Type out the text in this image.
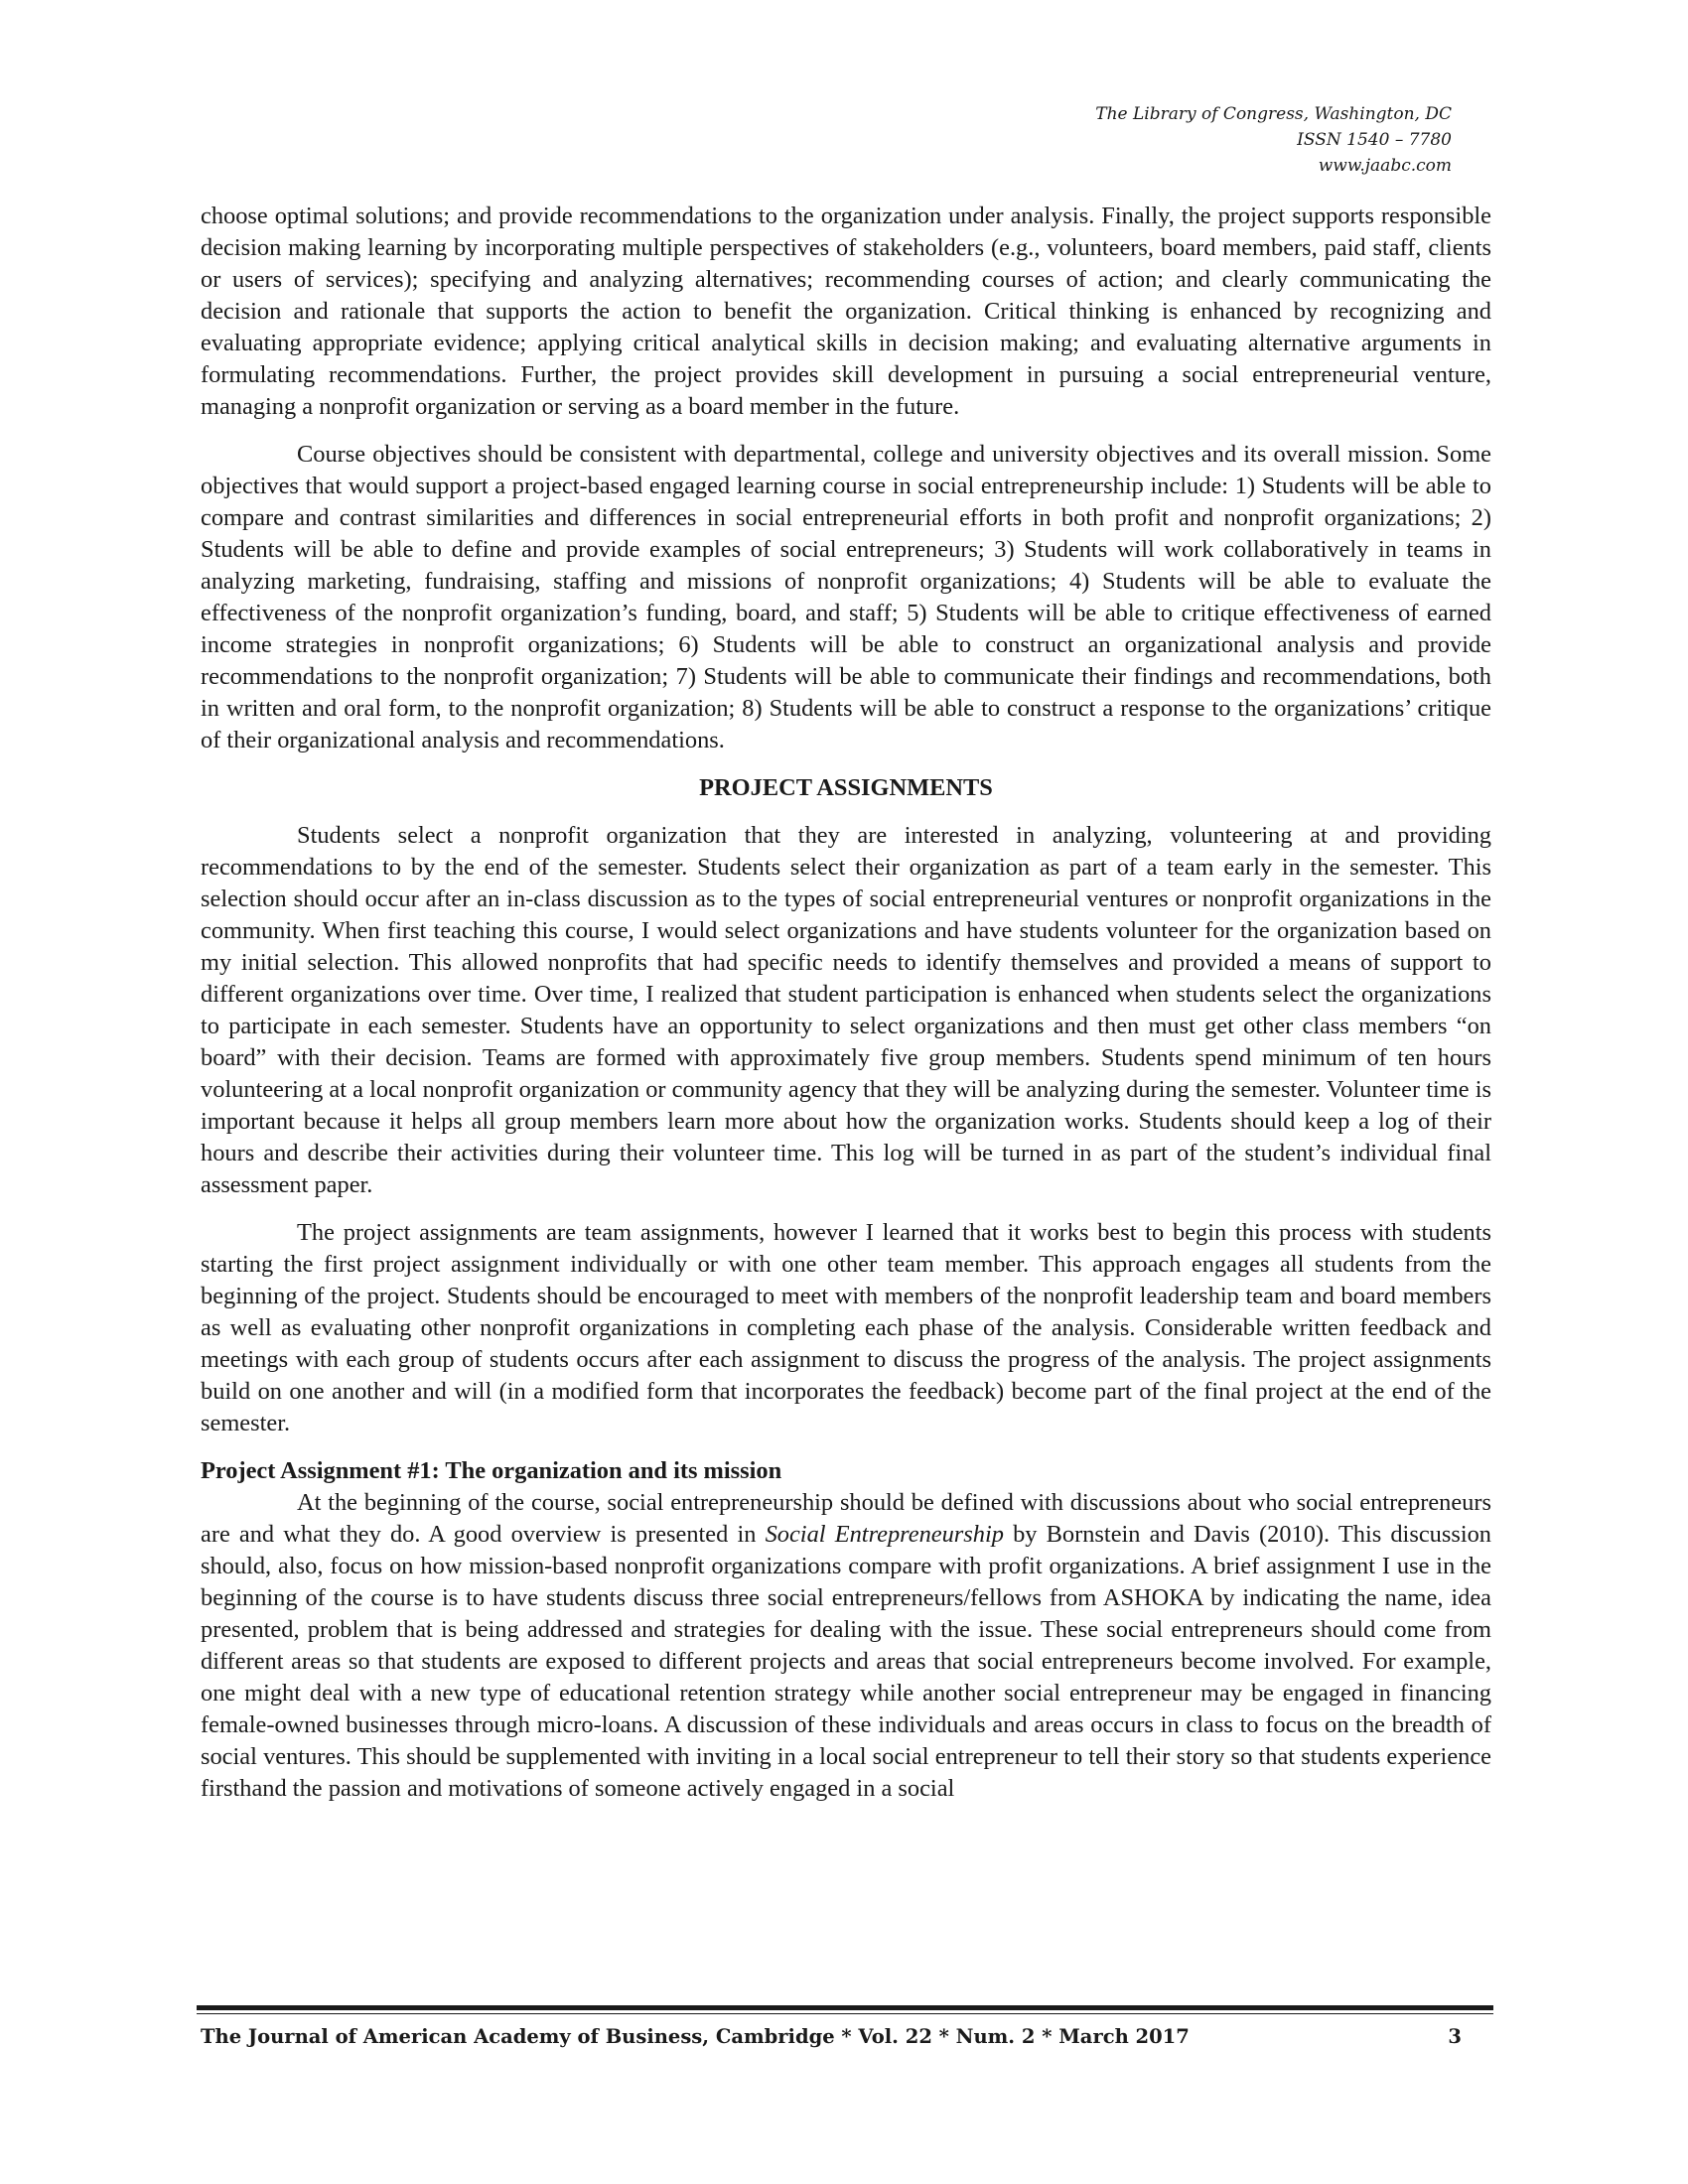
The Library of Congress, Washington, DC
ISSN 1540 – 7780
www.jaabc.com

choose optimal solutions; and provide recommendations to the organization under analysis. Finally, the project supports responsible decision making learning by incorporating multiple perspectives of stakeholders (e.g., volunteers, board members, paid staff, clients or users of services); specifying and analyzing alternatives; recommending courses of action; and clearly communicating the decision and rationale that supports the action to benefit the organization. Critical thinking is enhanced by recognizing and evaluating appropriate evidence; applying critical analytical skills in decision making; and evaluating alternative arguments in formulating recommendations. Further, the project provides skill development in pursuing a social entrepreneurial venture, managing a nonprofit organization or serving as a board member in the future.

Course objectives should be consistent with departmental, college and university objectives and its overall mission. Some objectives that would support a project-based engaged learning course in social entrepreneurship include: 1) Students will be able to compare and contrast similarities and differences in social entrepreneurial efforts in both profit and nonprofit organizations; 2) Students will be able to define and provide examples of social entrepreneurs; 3) Students will work collaboratively in teams in analyzing marketing, fundraising, staffing and missions of nonprofit organizations; 4) Students will be able to evaluate the effectiveness of the nonprofit organization’s funding, board, and staff; 5) Students will be able to critique effectiveness of earned income strategies in nonprofit organizations; 6) Students will be able to construct an organizational analysis and provide recommendations to the nonprofit organization; 7) Students will be able to communicate their findings and recommendations, both in written and oral form, to the nonprofit organization; 8) Students will be able to construct a response to the organizations’ critique of their organizational analysis and recommendations.

PROJECT ASSIGNMENTS

Students select a nonprofit organization that they are interested in analyzing, volunteering at and providing recommendations to by the end of the semester. Students select their organization as part of a team early in the semester. This selection should occur after an in-class discussion as to the types of social entrepreneurial ventures or nonprofit organizations in the community. When first teaching this course, I would select organizations and have students volunteer for the organization based on my initial selection. This allowed nonprofits that had specific needs to identify themselves and provided a means of support to different organizations over time. Over time, I realized that student participation is enhanced when students select the organizations to participate in each semester. Students have an opportunity to select organizations and then must get other class members “on board” with their decision. Teams are formed with approximately five group members. Students spend minimum of ten hours volunteering at a local nonprofit organization or community agency that they will be analyzing during the semester. Volunteer time is important because it helps all group members learn more about how the organization works. Students should keep a log of their hours and describe their activities during their volunteer time. This log will be turned in as part of the student’s individual final assessment paper.

The project assignments are team assignments, however I learned that it works best to begin this process with students starting the first project assignment individually or with one other team member. This approach engages all students from the beginning of the project. Students should be encouraged to meet with members of the nonprofit leadership team and board members as well as evaluating other nonprofit organizations in completing each phase of the analysis. Considerable written feedback and meetings with each group of students occurs after each assignment to discuss the progress of the analysis. The project assignments build on one another and will (in a modified form that incorporates the feedback) become part of the final project at the end of the semester.

Project Assignment #1: The organization and its mission

At the beginning of the course, social entrepreneurship should be defined with discussions about who social entrepreneurs are and what they do. A good overview is presented in Social Entrepreneurship by Bornstein and Davis (2010). This discussion should, also, focus on how mission-based nonprofit organizations compare with profit organizations. A brief assignment I use in the beginning of the course is to have students discuss three social entrepreneurs/fellows from ASHOKA by indicating the name, idea presented, problem that is being addressed and strategies for dealing with the issue. These social entrepreneurs should come from different areas so that students are exposed to different projects and areas that social entrepreneurs become involved. For example, one might deal with a new type of educational retention strategy while another social entrepreneur may be engaged in financing female-owned businesses through micro-loans. A discussion of these individuals and areas occurs in class to focus on the breadth of social ventures. This should be supplemented with inviting in a local social entrepreneur to tell their story so that students experience firsthand the passion and motivations of someone actively engaged in a social

The Journal of American Academy of Business, Cambridge * Vol. 22 * Num. 2 * March 2017	3
